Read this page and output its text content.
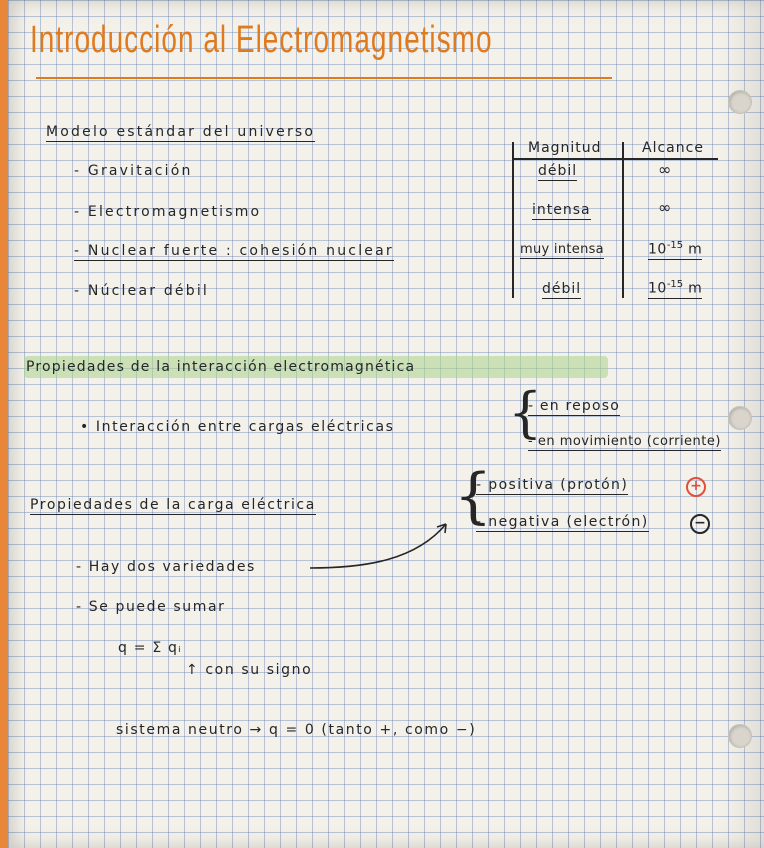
Introducción al Electromagnetismo
Modelo estándar del universo
- Gravitación
- Electromagnetismo
- Nuclear fuerte : cohesión nuclear
- Núclear débil
Magnitud	Alcance
débil	∞
intensa	∞
muy intensa	$10^{-15}$ m
débil	$10^{-15}$ m
Propiedades de la interacción electromagnética
• Interacción entre cargas eléctricas {
- en reposo
- en movimiento (corriente)
Propiedades de la carga eléctrica {
- positiva (protón)	+
- negativa (electrón)	−
- Hay dos variedades
- Se puede sumar
q = Σ qᵢ
↑ con su signo
sistema neutro → q = 0 (tanto +, como −)
